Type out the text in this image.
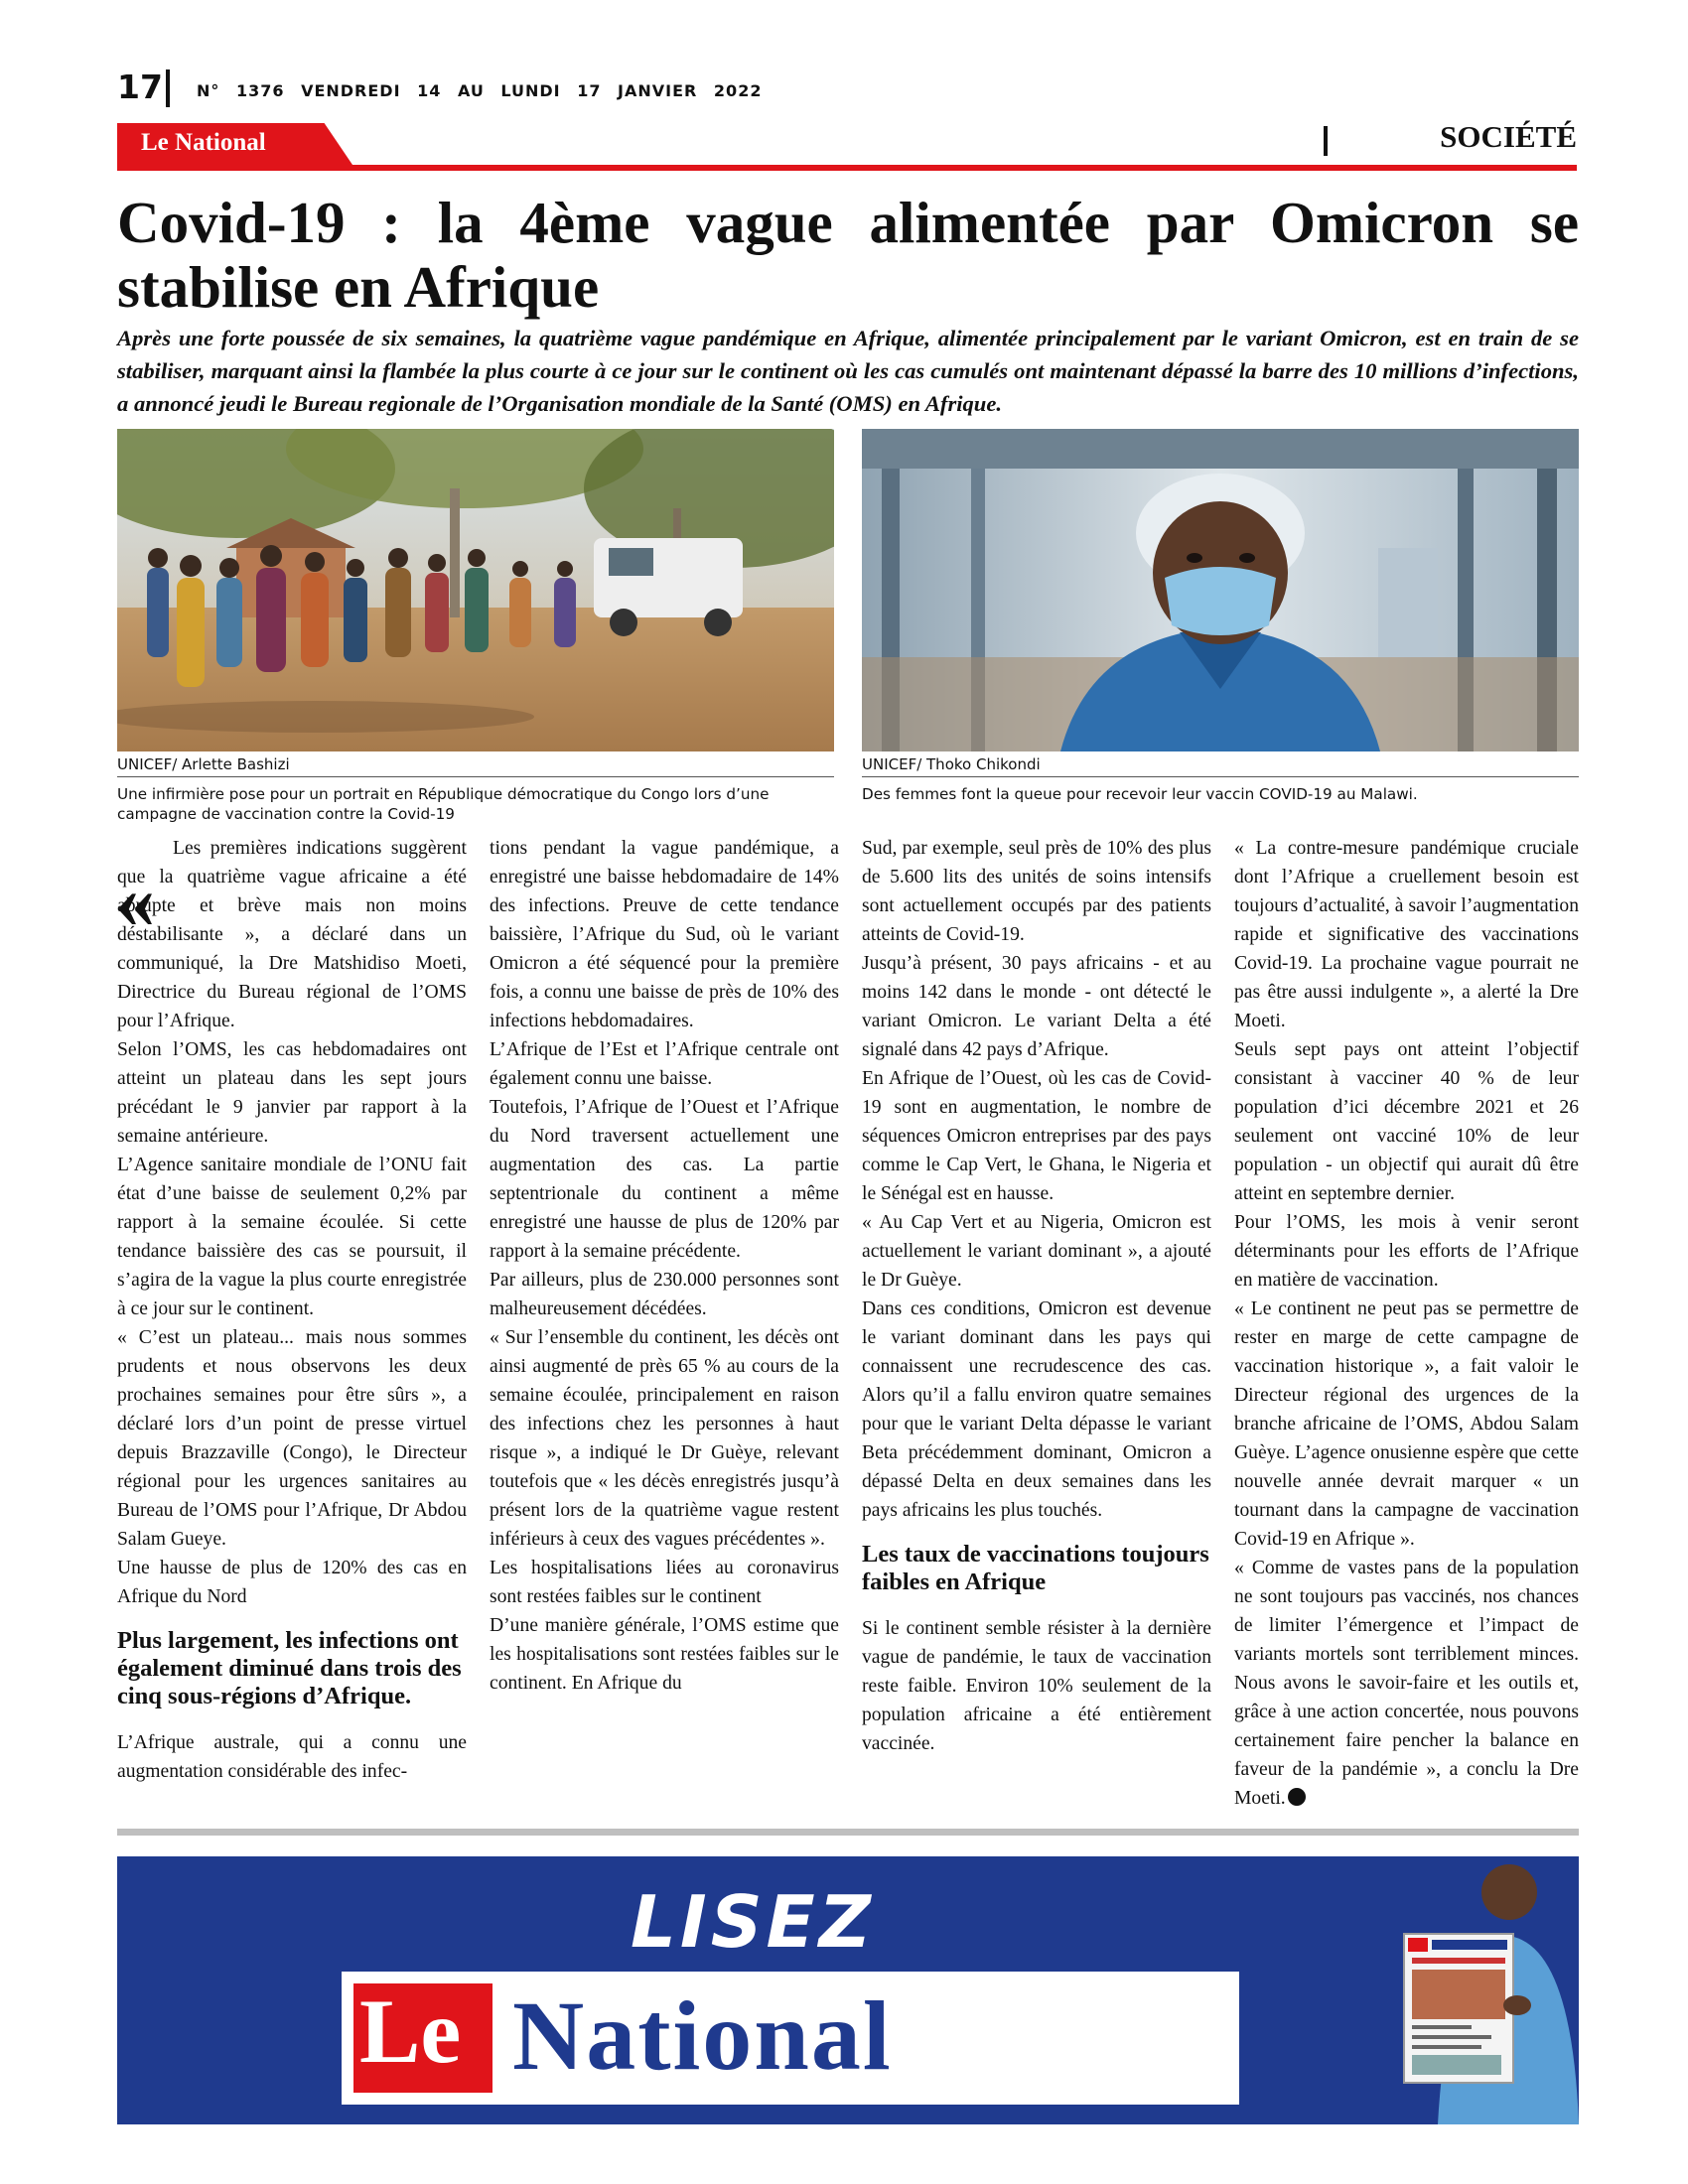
17 N° 1376 VENDREDI 14 AU LUNDI 17 JANVIER 2022
Le National	SOCIÉTÉ
Covid-19 : la 4ème vague alimentée par Omicron se stabilise en Afrique

Après une forte poussée de six semaines, la quatrième vague pandémique en Afrique, alimentée principalement par le variant Omicron, est en train de se stabiliser, marquant ainsi la flambée la plus courte à ce jour sur le continent où les cas cumulés ont maintenant dépassé la barre des 10 millions d’infections, a annoncé jeudi le Bureau regionale de l’Organisation mondiale de la Santé (OMS) en Afrique.

UNICEF/ Arlette Bashizi	UNICEF/ Thoko Chikondi
Une infirmière pose pour un portrait en République démocratique du Congo lors d’une campagne de vaccination contre la Covid-19
Des femmes font la queue pour recevoir leur vaccin COVID-19 au Malawi.
«

Les premières indications suggèrent que la quatrième vague africaine a été abrupte et brève mais non moins déstabilisante », a déclaré dans un communiqué, la Dre Matshidiso Moeti, Directrice du Bureau régional de l’OMS pour l’Afrique.

Selon l’OMS, les cas hebdomadaires ont atteint un plateau dans les sept jours précédant le 9 janvier par rapport à la semaine antérieure.

L’Agence sanitaire mondiale de l’ONU fait état d’une baisse de seulement 0,2% par rapport à la semaine écoulée. Si cette tendance baissière des cas se poursuit, il s’agira de la vague la plus courte enregistrée à ce jour sur le continent.

« C’est un plateau... mais nous sommes prudents et nous observons les deux prochaines semaines pour être sûrs », a déclaré lors d’un point de presse virtuel depuis Brazzaville (Congo), le Directeur régional pour les urgences sanitaires au Bureau de l’OMS pour l’Afrique, Dr Abdou Salam Gueye.

Une hausse de plus de 120% des cas en Afrique du Nord

Plus largement, les infections ont également diminué dans trois des cinq sous-régions d’Afrique.

L’Afrique australe, qui a connu une augmentation considérable des infec-

tions pendant la vague pandémique, a enregistré une baisse hebdomadaire de 14% des infections. Preuve de cette tendance baissière, l’Afrique du Sud, où le variant Omicron a été séquencé pour la première fois, a connu une baisse de près de 10% des infections hebdomadaires.

L’Afrique de l’Est et l’Afrique centrale ont également connu une baisse.

Toutefois, l’Afrique de l’Ouest et l’Afrique du Nord traversent actuellement une augmentation des cas. La partie septentrionale du continent a même enregistré une hausse de plus de 120% par rapport à la semaine précédente.

Par ailleurs, plus de 230.000 personnes sont malheureusement décédées.

« Sur l’ensemble du continent, les décès ont ainsi augmenté de près 65 % au cours de la semaine écoulée, principalement en raison des infections chez les personnes à haut risque », a indiqué le Dr Guèye, relevant toutefois que « les décès enregistrés jusqu’à présent lors de la quatrième vague restent inférieurs à ceux des vagues précédentes ».

Les hospitalisations liées au coronavirus sont restées faibles sur le continent

D’une manière générale, l’OMS estime que les hospitalisations sont restées faibles sur le continent. En Afrique du

Sud, par exemple, seul près de 10% des plus de 5.600 lits des unités de soins intensifs sont actuellement occupés par des patients atteints de Covid-19.

Jusqu’à présent, 30 pays africains - et au moins 142 dans le monde - ont détecté le variant Omicron. Le variant Delta a été signalé dans 42 pays d’Afrique.

En Afrique de l’Ouest, où les cas de Covid-19 sont en augmentation, le nombre de séquences Omicron entreprises par des pays comme le Cap Vert, le Ghana, le Nigeria et le Sénégal est en hausse.

« Au Cap Vert et au Nigeria, Omicron est actuellement le variant dominant », a ajouté le Dr Guèye.

Dans ces conditions, Omicron est devenue le variant dominant dans les pays qui connaissent une recrudescence des cas. Alors qu’il a fallu environ quatre semaines pour que le variant Delta dépasse le variant Beta précédemment dominant, Omicron a dépassé Delta en deux semaines dans les pays africains les plus touchés.

Les taux de vaccinations toujours faibles en Afrique

Si le continent semble résister à la dernière vague de pandémie, le taux de vaccination reste faible. Environ 10% seulement de la population africaine a été entièrement vaccinée.

« La contre-mesure pandémique cruciale dont l’Afrique a cruellement besoin est toujours d’actualité, à savoir l’augmentation rapide et significative des vaccinations Covid-19. La prochaine vague pourrait ne pas être aussi indulgente », a alerté la Dre Moeti.

Seuls sept pays ont atteint l’objectif consistant à vacciner 40 % de leur population d’ici décembre 2021 et 26 seulement ont vacciné 10% de leur population - un objectif qui aurait dû être atteint en septembre dernier.

Pour l’OMS, les mois à venir seront déterminants pour les efforts de l’Afrique en matière de vaccination.

« Le continent ne peut pas se permettre de rester en marge de cette campagne de vaccination historique », a fait valoir le Directeur régional des urgences de la branche africaine de l’OMS, Abdou Salam Guèye. L’agence onusienne espère que cette nouvelle année devrait marquer « un tournant dans la campagne de vaccination Covid-19 en Afrique ».

« Comme de vastes pans de la population ne sont toujours pas vaccinés, nos chances de limiter l’émergence et l’impact de variants mortels sont terriblement minces. Nous avons le savoir-faire et les outils et, grâce à une action concertée, nous pouvons certainement faire pencher la balance en faveur de la pandémie », a conclu la Dre Moeti.

LISEZ
Le National
